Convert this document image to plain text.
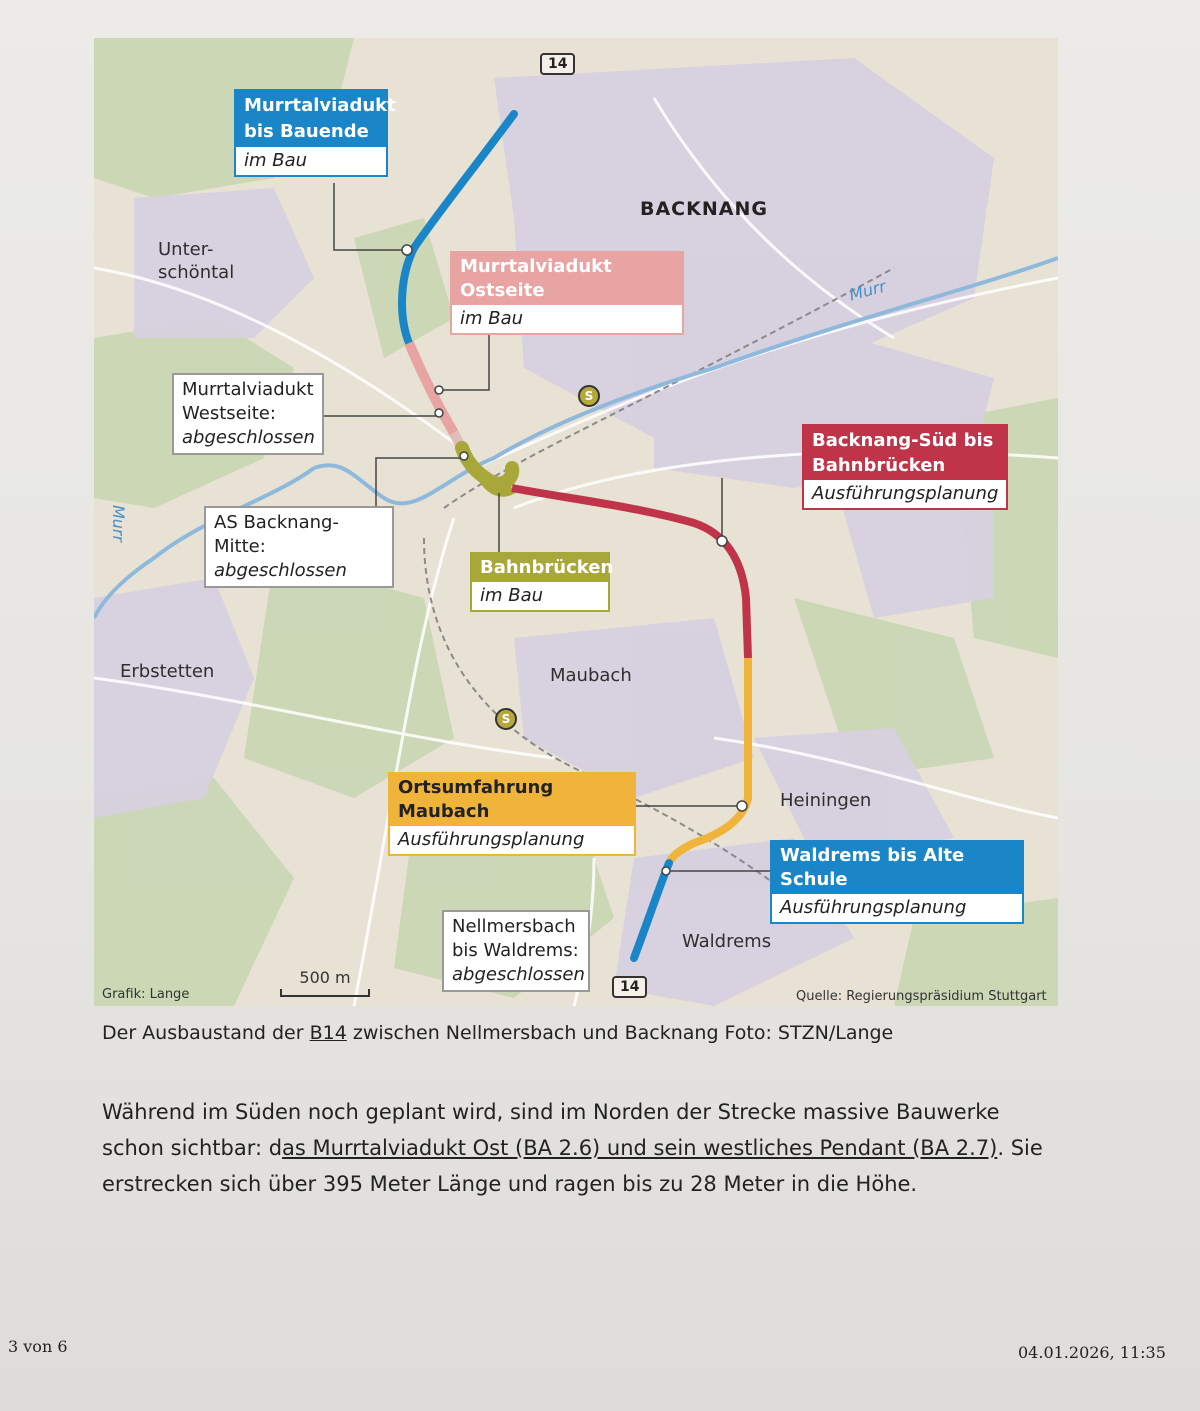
BACKNANG
Unter-
schöntal
Erbstetten	Maubach
Heiningen
Waldrems
Murr
Murr
14
14
S
S
Murrtalviadukt
bis Bauende
im Bau
Murrtalviadukt Ostseite
im Bau
Murrtalviadukt
Westseite:
abgeschlossen
AS Backnang-Mitte:
abgeschlossen	Bahnbrücken
im Bau
Backnang-Süd bis
Bahnbrücken
Ausführungsplanung
Ortsumfahrung Maubach
Ausführungsplanung
Waldrems bis Alte Schule
Ausführungsplanung
Nellmersbach
bis Waldrems:
abgeschlossen
500 m
Grafik: Lange	Quelle: Regierungspräsidium Stuttgart
Der Ausbaustand der B14 zwischen Nellmersbach und Backnang Foto: STZN/Lange
Während im Süden noch geplant wird, sind im Norden der Strecke massive Bauwerke
schon sichtbar: das Murrtalviadukt Ost (BA 2.6) und sein westliches Pendant (BA 2.7). Sie
erstrecken sich über 395 Meter Länge und ragen bis zu 28 Meter in die Höhe.
3 von 6	04.01.2026, 11:35
